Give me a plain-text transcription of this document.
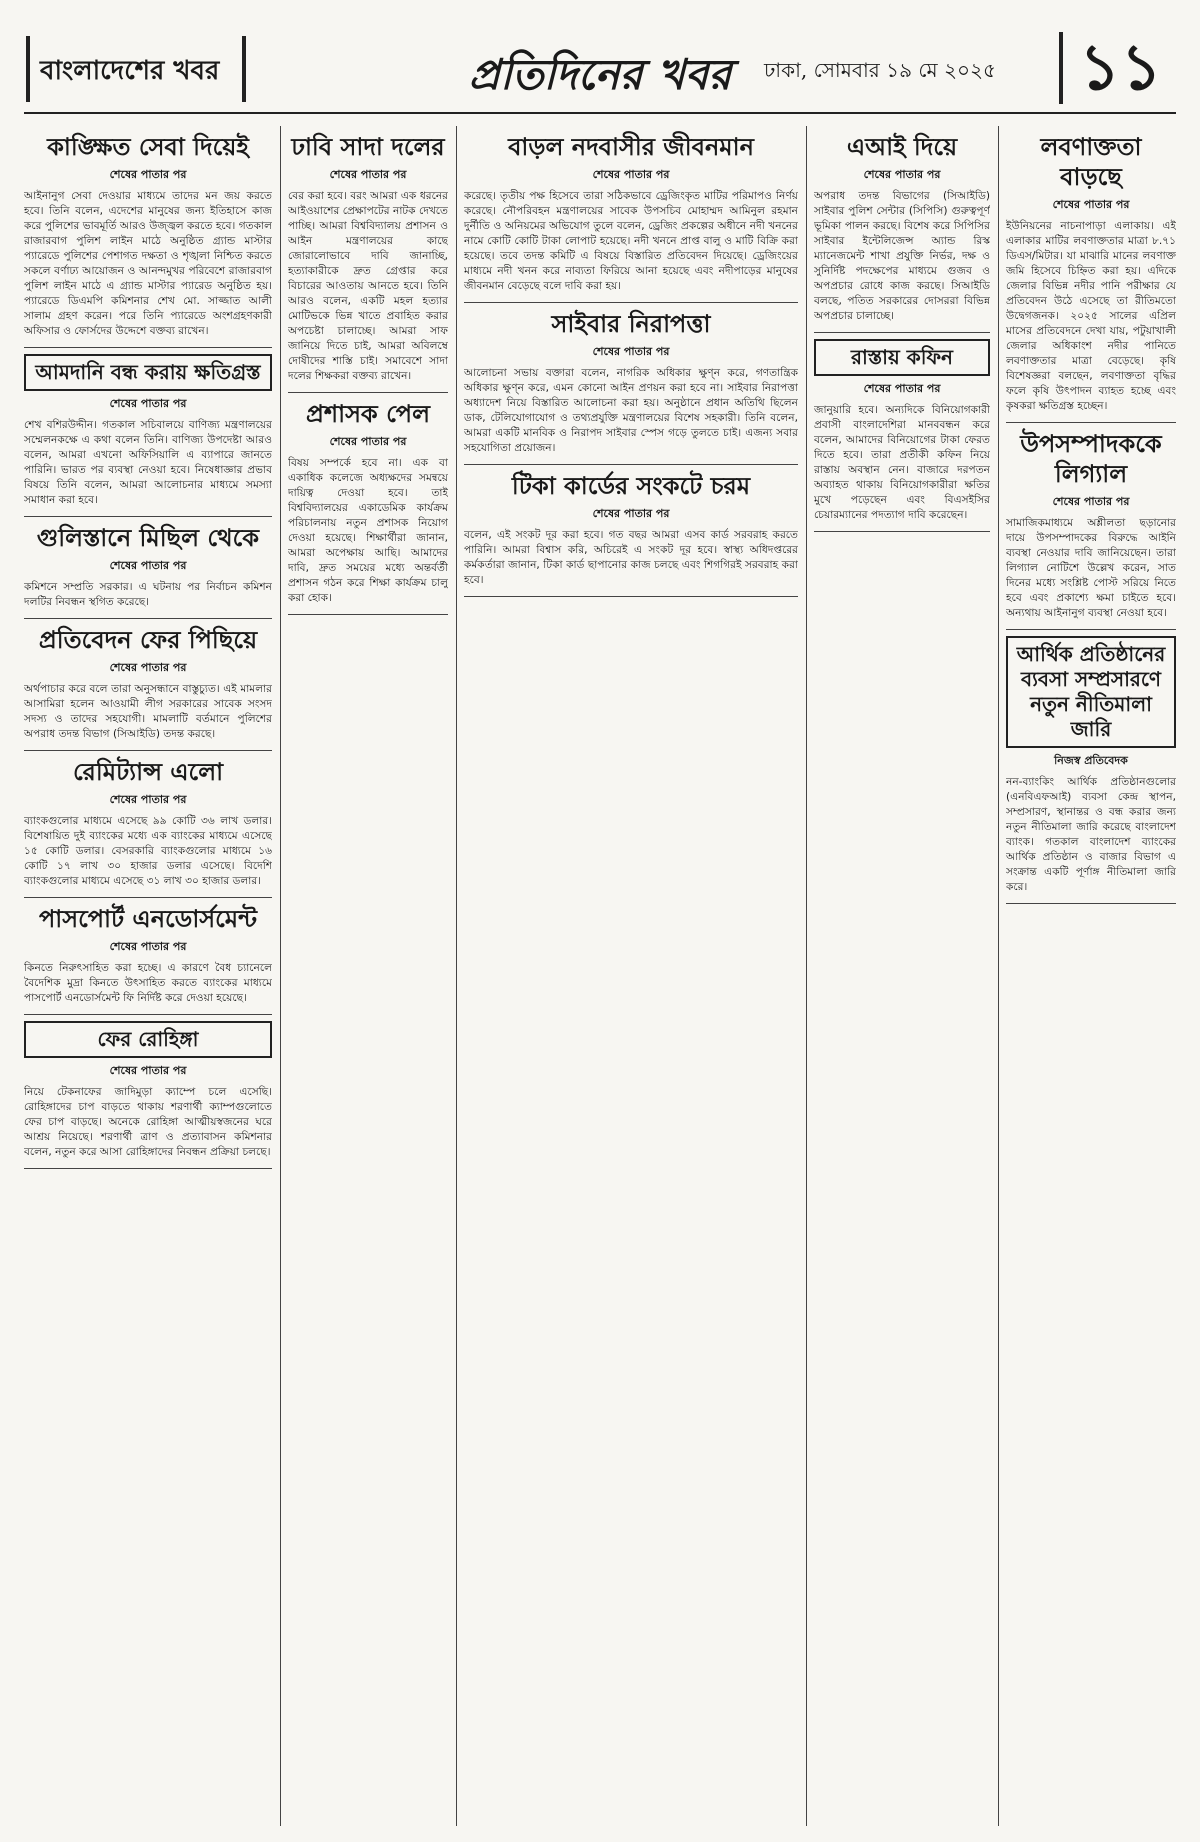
বাংলাদেশের খবর	প্রতিদিনের খবর	ঢাকা, সোমবার ১৯ মে ২০২৫	১১
কাঙ্ক্ষিত সেবা দিয়েই
শেষের পাতার পর

আইনানুগ সেবা দেওয়ার মাধ্যমে তাদের মন জয় করতে হবে। তিনি বলেন, এদেশের মানুষের জন্য ইতিহাসে কাজ করে পুলিশের ভাবমূর্তি আরও উজ্জ্বল করতে হবে। গতকাল রাজারবাগ পুলিশ লাইন মাঠে অনুষ্ঠিত গ্র্যান্ড মাস্টার প্যারেডে পুলিশের পেশাগত দক্ষতা ও শৃঙ্খলা নিশ্চিত করতে সকলে বর্ণাঢ্য আয়োজন ও আনন্দমুখর পরিবেশে রাজারবাগ পুলিশ লাইন মাঠে এ গ্র্যান্ড মাস্টার প্যারেড অনুষ্ঠিত হয়। প্যারেডে ডিএমপি কমিশনার শেখ মো. সাজ্জাত আলী সালাম গ্রহণ করেন। পরে তিনি প্যারেডে অংশগ্রহণকারী অফিসার ও ফোর্সদের উদ্দেশে বক্তব্য রাখেন।

আমদানি বন্ধ করায় ক্ষতিগ্রস্ত
শেষের পাতার পর

শেখ বশিরউদ্দীন। গতকাল সচিবালয়ে বাণিজ্য মন্ত্রণালয়ের সম্মেলনকক্ষে এ কথা বলেন তিনি। বাণিজ্য উপদেষ্টা আরও বলেন, আমরা এখনো অফিসিয়ালি এ ব্যাপারে জানতে পারিনি। ভারত পর ব্যবস্থা নেওয়া হবে। নিষেধাজ্ঞার প্রভাব বিষয়ে তিনি বলেন, আমরা আলোচনার মাধ্যমে সমস্যা সমাধান করা হবে।

গুলিস্তানে মিছিল থেকে
শেষের পাতার পর

কমিশনে সম্প্রতি সরকার। এ ঘটনায় পর নির্বাচন কমিশন দলটির নিবন্ধন স্থগিত করেছে।

প্রতিবেদন ফের পিছিয়ে
শেষের পাতার পর

অর্থপাচার করে বলে তারা অনুসন্ধানে বাস্তুচ্যুত। এই মামলার আসামিরা হলেন আওয়ামী লীগ সরকারের সাবেক সংসদ সদস্য ও তাদের সহযোগী। মামলাটি বর্তমানে পুলিশের অপরাধ তদন্ত বিভাগ (সিআইডি) তদন্ত করছে।

রেমিট্যান্স এলো
শেষের পাতার পর

ব্যাংকগুলোর মাধ্যমে এসেছে ৯৯ কোটি ৩৬ লাখ ডলার। বিশেষায়িত দুই ব্যাংকের মধ্যে এক ব্যাংকের মাধ্যমে এসেছে ১৫ কোটি ডলার। বেসরকারি ব্যাংকগুলোর মাধ্যমে ১৬ কোটি ১৭ লাখ ৩০ হাজার ডলার এসেছে। বিদেশি ব্যাংকগুলোর মাধ্যমে এসেছে ৩১ লাখ ৩০ হাজার ডলার।

পাসপোর্ট এনডোর্সমেন্ট
শেষের পাতার পর

কিনতে নিরুৎসাহিত করা হচ্ছে। এ কারণে বৈধ চ্যানেলে বৈদেশিক মুদ্রা কিনতে উৎসাহিত করতে ব্যাংকের মাধ্যমে পাসপোর্ট এনডোর্সমেন্ট ফি নির্দিষ্ট করে দেওয়া হয়েছে।

ফের রোহিঙ্গা
শেষের পাতার পর

নিয়ে টেকনাফের জাদিমুড়া ক্যাম্পে চলে এসেছি। রোহিঙ্গাদের চাপ বাড়তে থাকায় শরণার্থী ক্যাম্পগুলোতে ফের চাপ বাড়ছে। অনেকে রোহিঙ্গা আত্মীয়স্বজনের ঘরে আশ্রয় নিয়েছে। শরণার্থী ত্রাণ ও প্রত্যাবাসন কমিশনার বলেন, নতুন করে আসা রোহিঙ্গাদের নিবন্ধন প্রক্রিয়া চলছে।

ঢাবি সাদা দলের
শেষের পাতার পর

বের করা হবে। বরং আমরা এক ধরনের আইওয়াশের প্রেক্ষাপটের নাটক দেখতে পাচ্ছি। আমরা বিশ্ববিদ্যালয় প্রশাসন ও আইন মন্ত্রণালয়ের কাছে জোরালোভাবে দাবি জানাচ্ছি, হত্যাকারীকে দ্রুত গ্রেপ্তার করে বিচারের আওতায় আনতে হবে। তিনি আরও বলেন, একটি মহল হত্যার মোটিভকে ভিন্ন খাতে প্রবাহিত করার অপচেষ্টা চালাচ্ছে। আমরা সাফ জানিয়ে দিতে চাই, আমরা অবিলম্বে দোষীদের শাস্তি চাই। সমাবেশে সাদা দলের শিক্ষকরা বক্তব্য রাখেন।

প্রশাসক পেল
শেষের পাতার পর

বিষয় সম্পর্কে হবে না। এক বা একাধিক কলেজে অধ্যক্ষদের সমন্বয়ে দায়িত্ব দেওয়া হবে। তাই বিশ্ববিদ্যালয়ের একাডেমিক কার্যক্রম পরিচালনায় নতুন প্রশাসক নিয়োগ দেওয়া হয়েছে। শিক্ষার্থীরা জানান, আমরা অপেক্ষায় আছি। আমাদের দাবি, দ্রুত সময়ের মধ্যে অন্তর্বর্তী প্রশাসন গঠন করে শিক্ষা কার্যক্রম চালু করা হোক।

বাড়ল নদবাসীর জীবনমান
শেষের পাতার পর

করেছে। তৃতীয় পক্ষ হিসেবে তারা সঠিকভাবে ড্রেজিংকৃত মাটির পরিমাপও নির্ণয় করেছে। নৌপরিবহন মন্ত্রণালয়ের সাবেক উপসচিব মোহাম্মদ আমিনুল রহমান দুর্নীতি ও অনিয়মের অভিযোগ তুলে বলেন, ড্রেজিং প্রকল্পের অধীনে নদী খননের নামে কোটি কোটি টাকা লোপাট হয়েছে। নদী খননে প্রাপ্ত বালু ও মাটি বিক্রি করা হয়েছে। তবে তদন্ত কমিটি এ বিষয়ে বিস্তারিত প্রতিবেদন দিয়েছে। ড্রেজিংয়ের মাধ্যমে নদী খনন করে নাব্যতা ফিরিয়ে আনা হয়েছে এবং নদীপাড়ের মানুষের জীবনমান বেড়েছে বলে দাবি করা হয়।

সাইবার নিরাপত্তা
শেষের পাতার পর

আলোচনা সভায় বক্তারা বলেন, নাগরিক অধিকার ক্ষুণ্ন করে, গণতান্ত্রিক অধিকার ক্ষুণ্ন করে, এমন কোনো আইন প্রণয়ন করা হবে না। সাইবার নিরাপত্তা অধ্যাদেশ নিয়ে বিস্তারিত আলোচনা করা হয়। অনুষ্ঠানে প্রধান অতিথি ছিলেন ডাক, টেলিযোগাযোগ ও তথ্যপ্রযুক্তি মন্ত্রণালয়ের বিশেষ সহকারী। তিনি বলেন, আমরা একটি মানবিক ও নিরাপদ সাইবার স্পেস গড়ে তুলতে চাই। এজন্য সবার সহযোগিতা প্রয়োজন।

টিকা কার্ডের সংকটে চরম
শেষের পাতার পর

বলেন, এই সংকট দূর করা হবে। গত বছর আমরা এসব কার্ড সরবরাহ করতে পারিনি। আমরা বিশ্বাস করি, অচিরেই এ সংকট দূর হবে। স্বাস্থ্য অধিদপ্তরের কর্মকর্তারা জানান, টিকা কার্ড ছাপানোর কাজ চলছে এবং শিগগিরই সরবরাহ করা হবে।

এআই দিয়ে
শেষের পাতার পর

অপরাধ তদন্ত বিভাগের (সিআইডি) সাইবার পুলিশ সেন্টার (সিপিসি) গুরুত্বপূর্ণ ভূমিকা পালন করছে। বিশেষ করে সিপিসির সাইবার ইন্টেলিজেন্স অ্যান্ড রিস্ক ম্যানেজমেন্ট শাখা প্রযুক্তি নির্ভর, দক্ষ ও সুনির্দিষ্ট পদক্ষেপের মাধ্যমে গুজব ও অপপ্রচার রোধে কাজ করছে। সিআইডি বলছে, পতিত সরকারের দোসররা বিভিন্ন অপপ্রচার চালাচ্ছে।

রাস্তায় কফিন
শেষের পাতার পর

জানুয়ারি হবে। অন্যদিকে বিনিয়োগকারী প্রবাসী বাংলাদেশিরা মানববন্ধন করে বলেন, আমাদের বিনিয়োগের টাকা ফেরত দিতে হবে। তারা প্রতীকী কফিন নিয়ে রাস্তায় অবস্থান নেন। বাজারে দরপতন অব্যাহত থাকায় বিনিয়োগকারীরা ক্ষতির মুখে পড়েছেন এবং বিএসইসির চেয়ারম্যানের পদত্যাগ দাবি করেছেন।

লবণাক্ততা বাড়ছে
শেষের পাতার পর

ইউনিয়নের নাচনাপাড়া এলাকায়। এই এলাকার মাটির লবণাক্ততার মাত্রা ৮.৭১ ডিএস/মিটার। যা মাঝারি মানের লবণাক্ত জমি হিসেবে চিহ্নিত করা হয়। এদিকে জেলার বিভিন্ন নদীর পানি পরীক্ষার যে প্রতিবেদন উঠে এসেছে তা রীতিমতো উদ্বেগজনক। ২০২৫ সালের এপ্রিল মাসের প্রতিবেদনে দেখা যায়, পটুয়াখালী জেলার অধিকাংশ নদীর পানিতে লবণাক্ততার মাত্রা বেড়েছে। কৃষি বিশেষজ্ঞরা বলছেন, লবণাক্ততা বৃদ্ধির ফলে কৃষি উৎপাদন ব্যাহত হচ্ছে এবং কৃষকরা ক্ষতিগ্রস্ত হচ্ছেন।

উপসম্পাদককে লিগ্যাল
শেষের পাতার পর

সামাজিকমাধ্যমে অশ্লীলতা ছড়ানোর দায়ে উপসম্পাদকের বিরুদ্ধে আইনি ব্যবস্থা নেওয়ার দাবি জানিয়েছেন। তারা লিগ্যাল নোটিশে উল্লেখ করেন, সাত দিনের মধ্যে সংশ্লিষ্ট পোস্ট সরিয়ে নিতে হবে এবং প্রকাশ্যে ক্ষমা চাইতে হবে। অন্যথায় আইনানুগ ব্যবস্থা নেওয়া হবে।

আর্থিক প্রতিষ্ঠানের ব্যবসা সম্প্রসারণে নতুন নীতিমালা জারি
নিজস্ব প্রতিবেদক

নন-ব্যাংকিং আর্থিক প্রতিষ্ঠানগুলোর (এনবিএফআই) ব্যবসা কেন্দ্র স্থাপন, সম্প্রসারণ, স্থানান্তর ও বন্ধ করার জন্য নতুন নীতিমালা জারি করেছে বাংলাদেশ ব্যাংক। গতকাল বাংলাদেশ ব্যাংকের আর্থিক প্রতিষ্ঠান ও বাজার বিভাগ এ সংক্রান্ত একটি পূর্ণাঙ্গ নীতিমালা জারি করে।
